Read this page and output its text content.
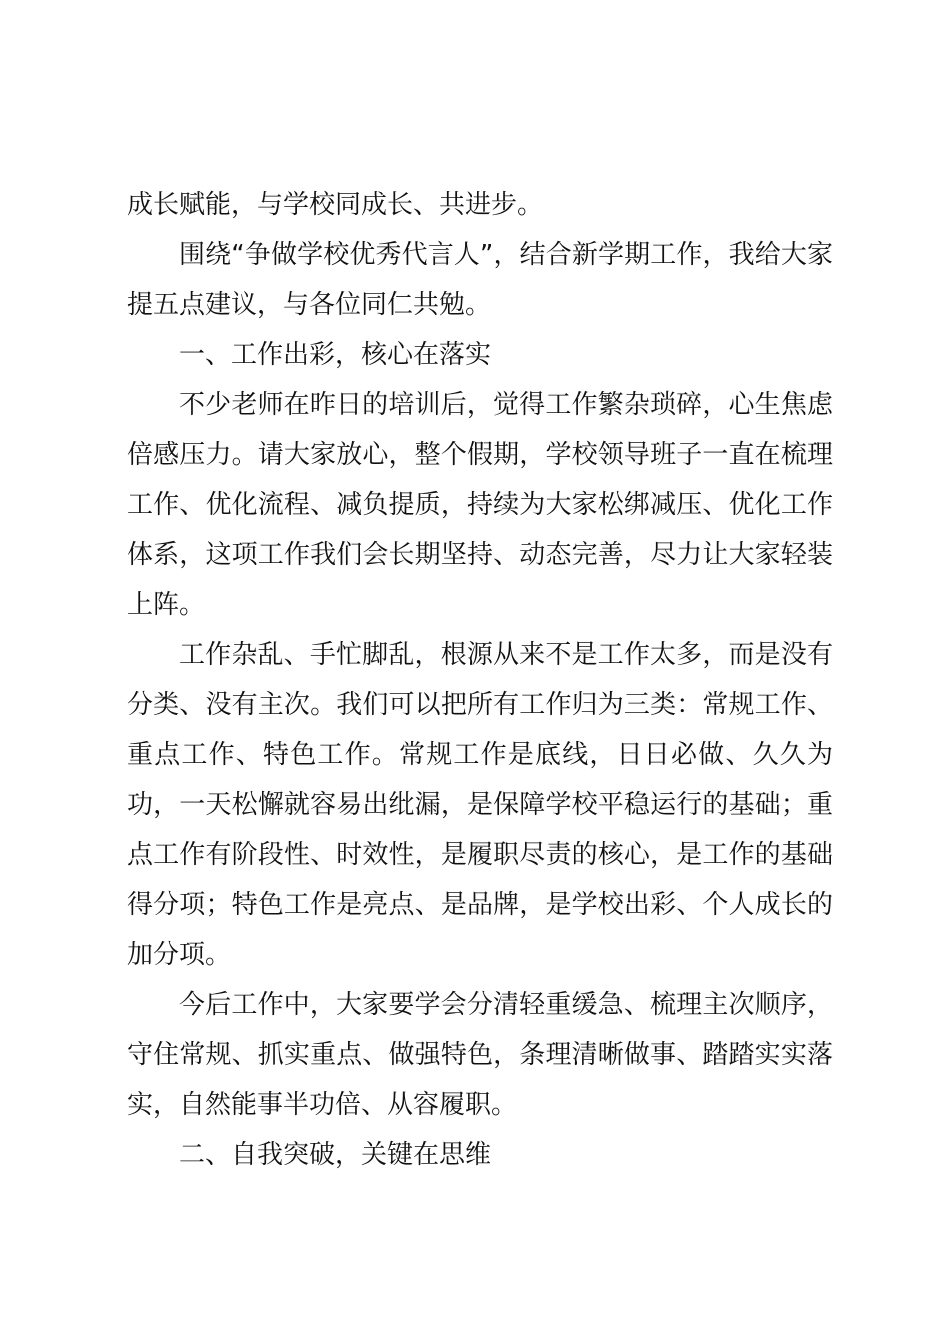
成长赋能，与学校同成长、共进步。

围绕“争做学校优秀代言人”，结合新学期工作，我给大家提五点建议，与各位同仁共勉。

一、工作出彩，核心在落实

不少老师在昨日的培训后，觉得工作繁杂琐碎，心生焦虑倍感压力。请大家放心，整个假期，学校领导班子一直在梳理工作、优化流程、减负提质，持续为大家松绑减压、优化工作体系，这项工作我们会长期坚持、动态完善，尽力让大家轻装上阵。

工作杂乱、手忙脚乱，根源从来不是工作太多，而是没有分类、没有主次。我们可以把所有工作归为三类：常规工作、重点工作、特色工作。常规工作是底线，日日必做、久久为功，一天松懈就容易出纰漏，是保障学校平稳运行的基础；重点工作有阶段性、时效性，是履职尽责的核心，是工作的基础得分项；特色工作是亮点、是品牌，是学校出彩、个人成长的加分项。

今后工作中，大家要学会分清轻重缓急、梳理主次顺序，守住常规、抓实重点、做强特色，条理清晰做事、踏踏实实落实，自然能事半功倍、从容履职。

二、自我突破，关键在思维
